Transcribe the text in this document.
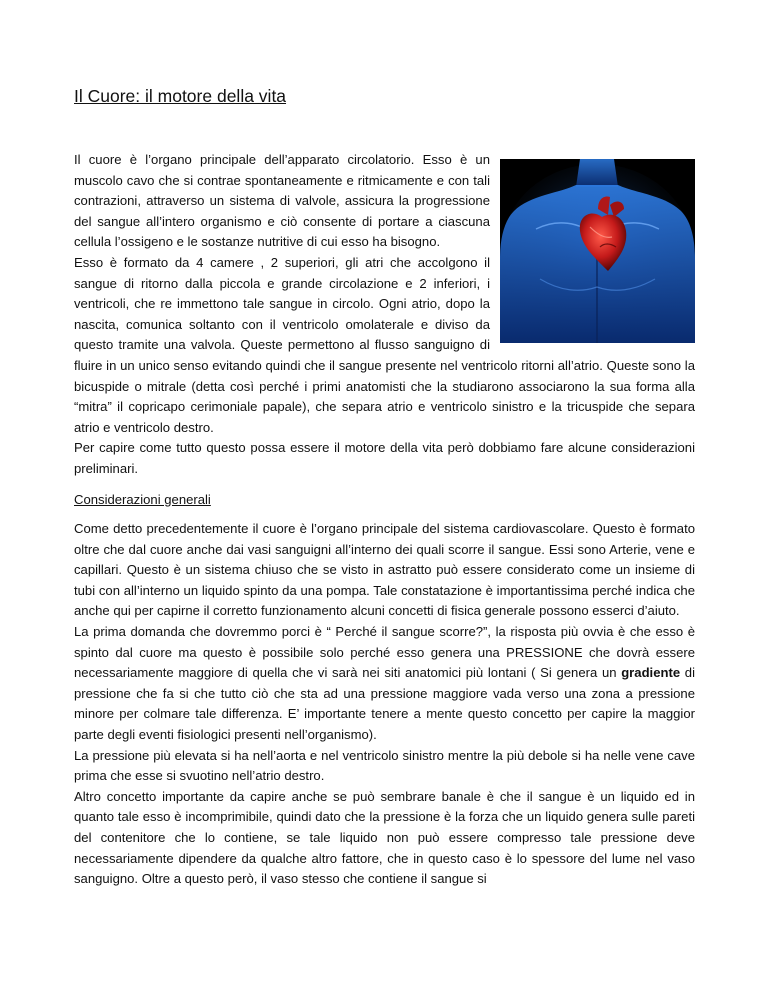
Il Cuore: il motore della vita

Il cuore è l’organo principale dell’apparato circolatorio. Esso è un muscolo cavo che si contrae spontaneamente e ritmicamente e con tali contrazioni, attraverso un sistema di valvole, assicura la progressione del sangue all’intero organismo e ciò consente di portare a ciascuna cellula l’ossigeno e le sostanze nutritive di cui esso ha bisogno.

Esso è formato da 4 camere , 2 superiori, gli atri che accolgono il sangue di ritorno dalla piccola e grande circolazione e 2 inferiori, i ventricoli, che re immettono tale sangue in circolo. Ogni atrio, dopo la nascita, comunica soltanto con il ventricolo omolaterale e diviso da questo tramite una valvola. Queste permettono al flusso sanguigno di fluire in un unico senso evitando quindi che il sangue presente nel ventricolo ritorni all’atrio. Queste sono la bicuspide o mitrale (detta così perché i primi anatomisti che la studiarono associarono la sua forma alla “mitra” il copricapo cerimoniale papale), che separa atrio e ventricolo sinistro e la tricuspide che separa atrio e ventricolo destro.

Per capire come tutto questo possa essere il motore della vita però dobbiamo fare alcune considerazioni preliminari.

Considerazioni generali

Come detto precedentemente il cuore è l’organo principale del sistema cardiovascolare. Questo è formato oltre che dal cuore anche dai vasi sanguigni all’interno dei quali scorre il sangue. Essi sono Arterie, vene e capillari. Questo è un sistema chiuso che se visto in astratto può essere considerato come un insieme di tubi con all’interno un liquido spinto da una pompa. Tale constatazione è importantissima perché indica che anche qui per capirne il corretto funzionamento alcuni concetti di fisica generale possono esserci d’aiuto.

La prima domanda che dovremmo porci è “ Perché il sangue scorre?”, la risposta più ovvia è che esso è spinto dal cuore ma questo è possibile solo perché esso genera una PRESSIONE che dovrà essere necessariamente maggiore di quella che vi sarà nei siti anatomici più lontani ( Si genera un gradiente di pressione che fa si che tutto ciò che sta ad una pressione maggiore vada verso una zona a pressione minore per colmare tale differenza. E’ importante tenere a mente questo concetto per capire la maggior parte degli eventi fisiologici presenti nell’organismo).

La pressione più elevata si ha nell’aorta e nel ventricolo sinistro mentre la più debole si ha nelle vene cave prima che esse si svuotino nell’atrio destro.

Altro concetto importante da capire anche se può sembrare banale è che il sangue è un liquido ed in quanto tale esso è incomprimibile, quindi dato che la pressione è la forza che un liquido genera sulle pareti del contenitore che lo contiene, se tale liquido non può essere compresso tale pressione deve necessariamente dipendere da qualche altro fattore, che in questo caso è lo spessore del lume nel vaso sanguigno. Oltre a questo però, il vaso stesso che contiene il sangue si
